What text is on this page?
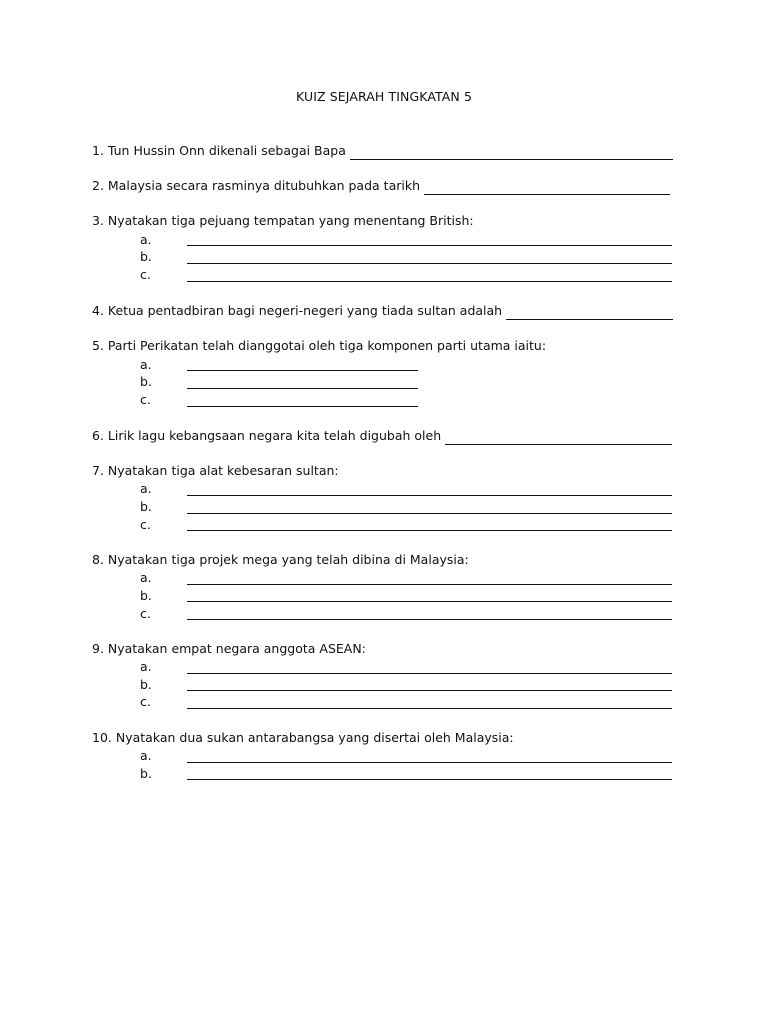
KUIZ SEJARAH TINGKATAN 5
1. Tun Hussin Onn dikenali sebagai Bapa
2. Malaysia secara rasminya ditubuhkan pada tarikh
3. Nyatakan tiga pejuang tempatan yang menentang British:
a.
b.
c.
4. Ketua pentadbiran bagi negeri-negeri yang tiada sultan adalah
5. Parti Perikatan telah dianggotai oleh tiga komponen parti utama iaitu:
a.
b.
c.
6. Lirik lagu kebangsaan negara kita telah digubah oleh
7. Nyatakan tiga alat kebesaran sultan:
a.
b.
c.
8. Nyatakan tiga projek mega yang telah dibina di Malaysia:
a.
b.
c.
9. Nyatakan empat negara anggota ASEAN:
a.
b.
c.
10. Nyatakan dua sukan antarabangsa yang disertai oleh Malaysia:
a.
b.
